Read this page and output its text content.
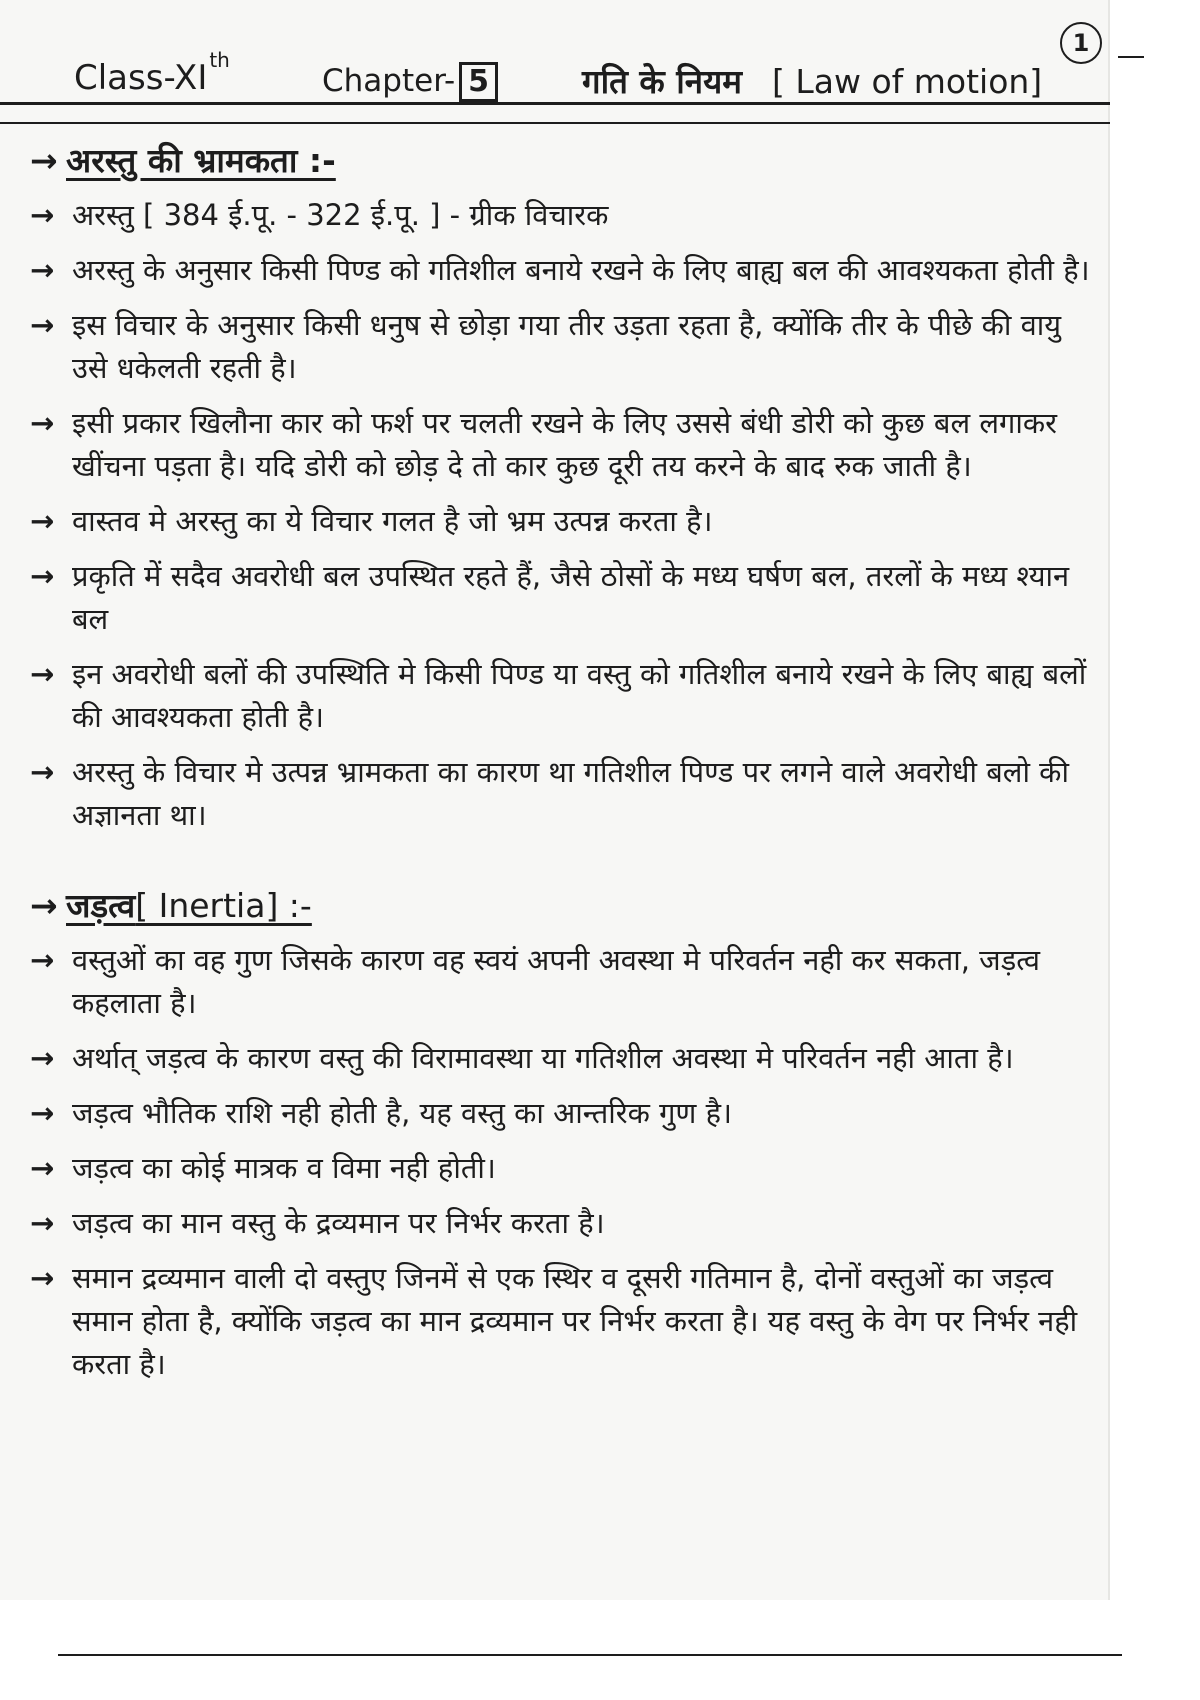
Class-XI $^{th}$
Chapter- 5	गति के नियम [ Law of motion]
1
→ अरस्तु की भ्रामकता :-
→ अरस्तु [ 384 ई.पू. - 322 ई.पू. ] - ग्रीक विचारक
→ अरस्तु के अनुसार किसी पिण्ड को गतिशील बनाये रखने के लिए बाह्य बल की आवश्यकता होती है।
→ इस विचार के अनुसार किसी धनुष से छोड़ा गया तीर उड़ता रहता है, क्योंकि तीर के पीछे की वायु उसे धकेलती रहती है।
→ इसी प्रकार खिलौना कार को फर्श पर चलती रखने के लिए उससे बंधी डोरी को कुछ बल लगाकर खींचना पड़ता है। यदि डोरी को छोड़ दे तो कार कुछ दूरी तय करने के बाद रुक जाती है।
→ वास्तव मे अरस्तु का ये विचार गलत है जो भ्रम उत्पन्न करता है।
→ प्रकृति में सदैव अवरोधी बल उपस्थित रहते हैं, जैसे ठोसों के मध्य घर्षण बल, तरलों के मध्य श्यान बल
→ इन अवरोधी बलों की उपस्थिति मे किसी पिण्ड या वस्तु को गतिशील बनाये रखने के लिए बाह्य बलों की आवश्यकता होती है।
→ अरस्तु के विचार मे उत्पन्न भ्रामकता का कारण था गतिशील पिण्ड पर लगने वाले अवरोधी बलो की अज्ञानता था।
→ जड़त्व[ Inertia] :-
→ वस्तुओं का वह गुण जिसके कारण वह स्वयं अपनी अवस्था मे परिवर्तन नही कर सकता, जड़त्व कहलाता है।
→ अर्थात् जड़त्व के कारण वस्तु की विरामावस्था या गतिशील अवस्था मे परिवर्तन नही आता है।
→ जड़त्व भौतिक राशि नही होती है, यह वस्तु का आन्तरिक गुण है।
→ जड़त्व का कोई मात्रक व विमा नही होती।
→ जड़त्व का मान वस्तु के द्रव्यमान पर निर्भर करता है।
→ समान द्रव्यमान वाली दो वस्तुए जिनमें से एक स्थिर व दूसरी गतिमान है, दोनों वस्तुओं का जड़त्व समान होता है, क्योंकि जड़त्व का मान द्रव्यमान पर निर्भर करता है। यह वस्तु के वेग पर निर्भर नही करता है।
